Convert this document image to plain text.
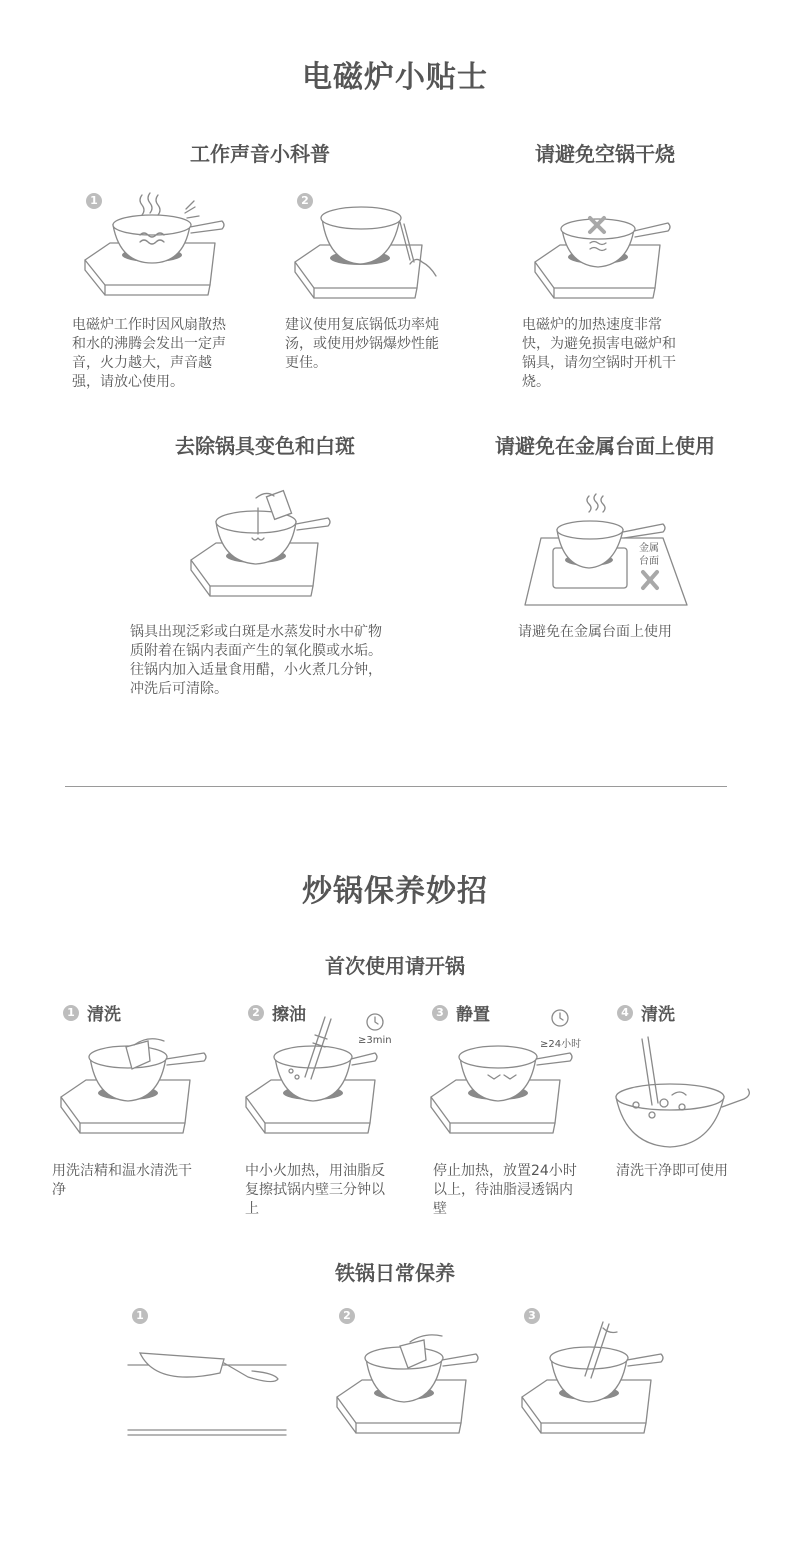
电磁炉小贴士
工作声音小科普
1
电磁炉工作时因风扇散热和水的沸腾会发出一定声音，火力越大，声音越强，请放心使用。
2
建议使用复底锅低功率炖汤，或使用炒锅爆炒性能更佳。
请避免空锅干烧
电磁炉的加热速度非常快，为避免损害电磁炉和锅具，请勿空锅时开机干烧。
去除锅具变色和白斑
锅具出现泛彩或白斑是水蒸发时水中矿物质附着在锅内表面产生的氧化膜或水垢。往锅内加入适量食用醋，小火煮几分钟，冲洗后可清除。
请避免在金属台面上使用
金属
台面
请避免在金属台面上使用
炒锅保养妙招
首次使用请开锅
1 清洗
用洗洁精和温水清洗干净
2 擦油
≥3min
中小火加热，用油脂反复擦拭锅内壁三分钟以上
3 静置
≥24小时
停止加热，放置24小时以上，待油脂浸透锅内壁
4 清洗
清洗干净即可使用
铁锅日常保养
1	2	3
